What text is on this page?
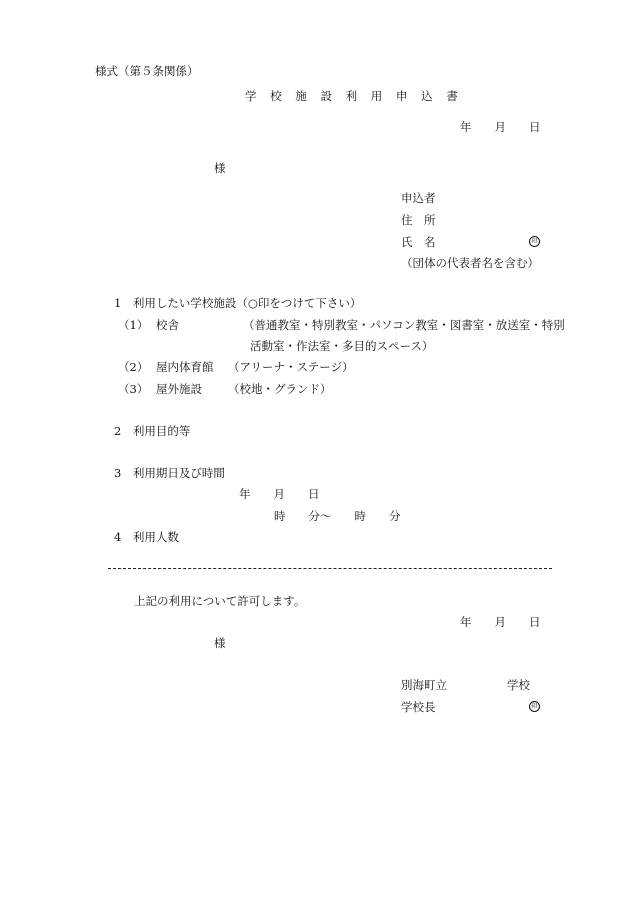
様式（第５条関係）
学 校 施 設 利 用 申 込 書
年　　月　　日
様
申込者
住　所
氏　名	印
（団体の代表者名を含む）
1　利用したい学校施設（○印をつけて下さい）
（1） 校舎	（普通教室・特別教室・パソコン教室・図書室・放送室・特別
活動室・作法室・多目的スペース）
（2） 屋内体育館 （アリーナ・ステージ）
（3） 屋外施設 （校地・グランド）
2　利用目的等
3　利用期日及び時間
年　　月　　日
時　　分～　　時　　分
4　利用人数
上記の利用について許可します。
年　　月　　日
様
別海町立	学校
学校長	印
